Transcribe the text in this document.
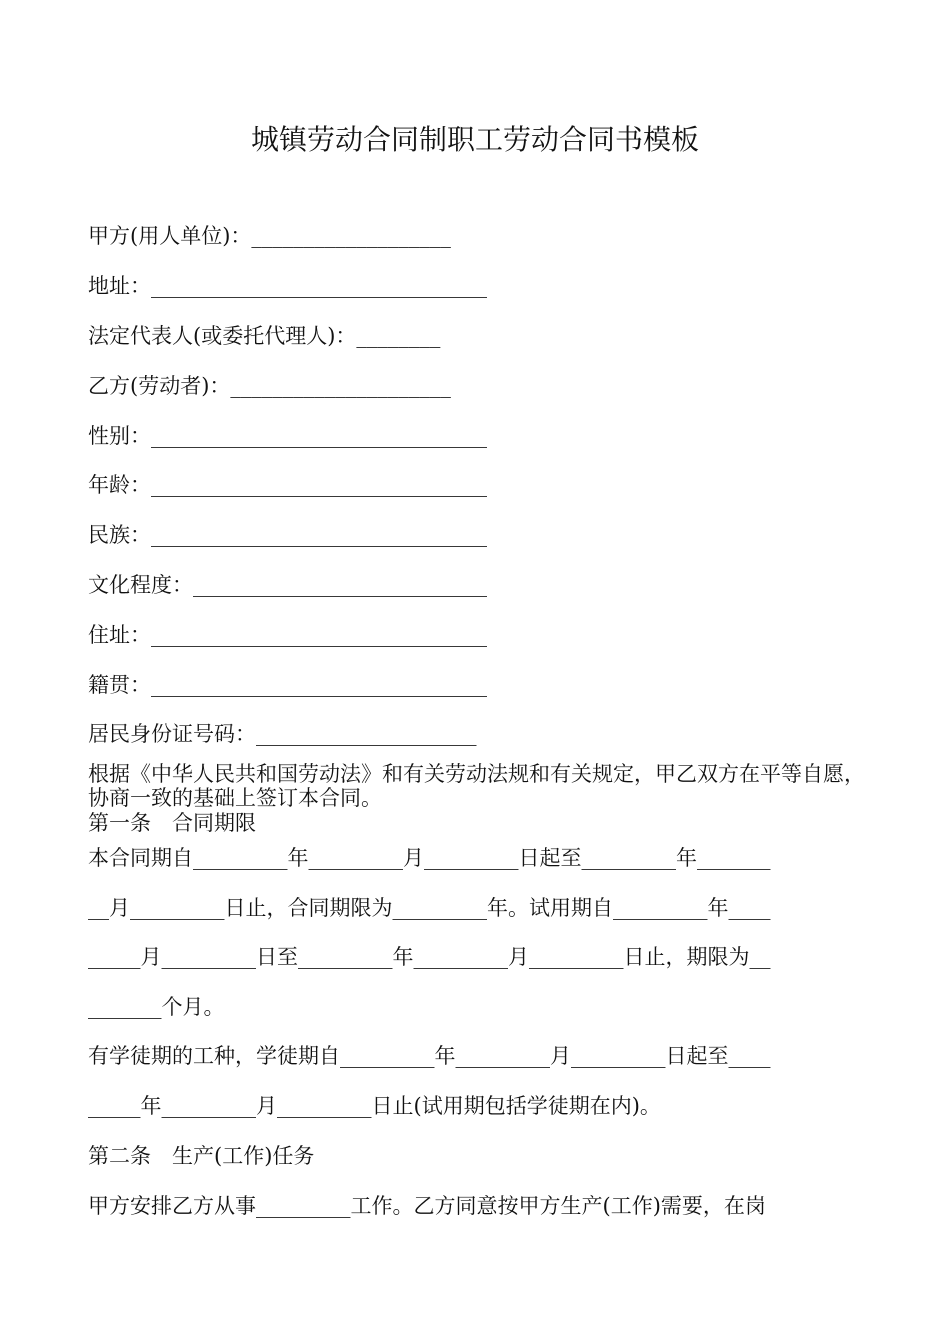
城镇劳动合同制职工劳动合同书模板
甲方(用人单位)：___________________
地址：________________________________
法定代表人(或委托代理人)：________
乙方(劳动者)：_____________________
性别：________________________________
年龄：________________________________
民族：________________________________
文化程度：____________________________
住址：________________________________
籍贯：________________________________
居民身份证号码：_____________________
根据《中华人民共和国劳动法》和有关劳动法规和有关规定，甲乙双方在平等自愿，协商一致的基础上签订本合同。
第一条　合同期限
本合同期自_________年_________月_________日起至_________年_______
__月_________日止，合同期限为_________年。试用期自_________年____
_____月_________日至_________年_________月_________日止，期限为__
_______个月。
有学徒期的工种，学徒期自_________年_________月_________日起至____
_____年_________月_________日止(试用期包括学徒期在内)。
第二条　生产(工作)任务
甲方安排乙方从事_________工作。乙方同意按甲方生产(工作)需要，在岗
